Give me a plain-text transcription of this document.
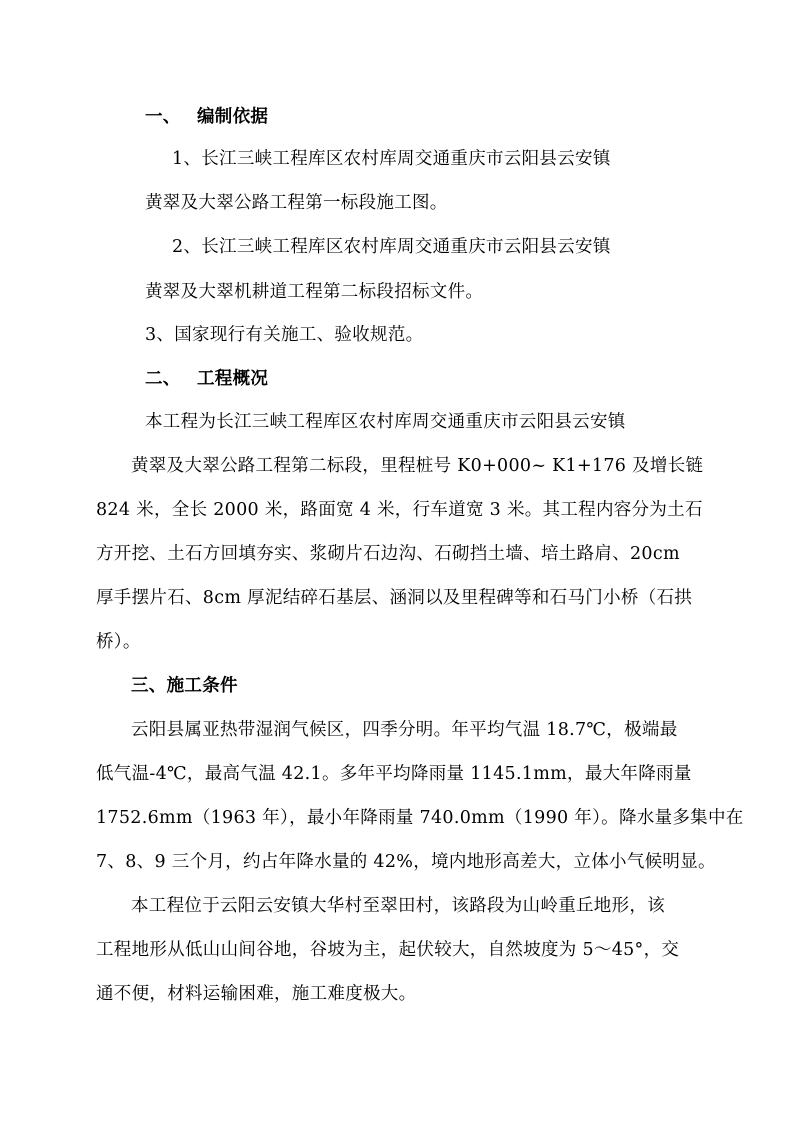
一、 编制依据
1、长江三峡工程库区农村库周交通重庆市云阳县云安镇
黄翠及大翠公路工程第一标段施工图。
2、长江三峡工程库区农村库周交通重庆市云阳县云安镇
黄翠及大翠机耕道工程第二标段招标文件。
3、国家现行有关施工、验收规范。
二、 工程概况
本工程为长江三峡工程库区农村库周交通重庆市云阳县云安镇
黄翠及大翠公路工程第二标段，里程桩号 K0+000~ K1+176 及增长链
824 米，全长 2000 米，路面宽 4 米，行车道宽 3 米。其工程内容分为土石
方开挖、土石方回填夯实、浆砌片石边沟、石砌挡土墙、培土路肩、20cm
厚手摆片石、8cm 厚泥结碎石基层、涵洞以及里程碑等和石马门小桥（石拱
桥）。
三、施工条件
云阳县属亚热带湿润气候区，四季分明。年平均气温 18.7℃，极端最
低气温-4℃，最高气温 42.1。多年平均降雨量 1145.1mm，最大年降雨量
1752.6mm（1963 年），最小年降雨量 740.0mm（1990 年）。降水量多集中在
7、8、9 三个月，约占年降水量的 42%，境内地形高差大，立体小气候明显。
本工程位于云阳云安镇大华村至翠田村，该路段为山岭重丘地形，该
工程地形从低山山间谷地，谷坡为主，起伏较大，自然坡度为 5～45°，交
通不便，材料运输困难，施工难度极大。
